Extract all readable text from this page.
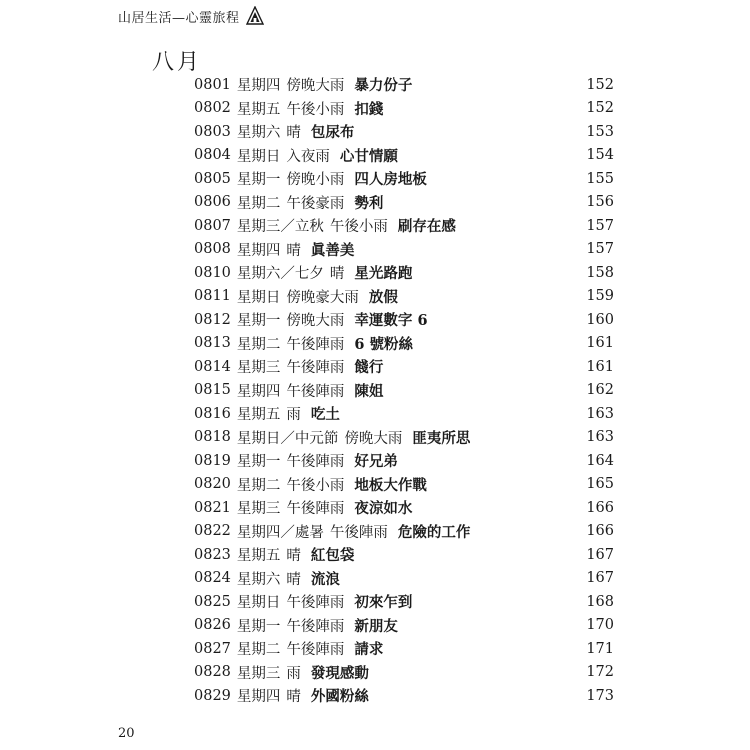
山居生活—心靈旅程
八月
0801 星期四 傍晚大雨 暴力份子	152
0802 星期五 午後小雨 扣錢	152
0803 星期六 晴 包尿布	153
0804 星期日 入夜雨 心甘情願	154
0805 星期一 傍晚小雨 四人房地板	155
0806 星期二 午後豪雨 勢利	156
0807 星期三／立秋 午後小雨 刷存在感	157
0808 星期四 晴 眞善美	157
0810 星期六／七夕 晴 星光路跑	158
0811 星期日 傍晚豪大雨 放假	159
0812 星期一 傍晚大雨 幸運數字 6	160
0813 星期二 午後陣雨 6 號粉絲	161
0814 星期三 午後陣雨 餞行	161
0815 星期四 午後陣雨 陳姐	162
0816 星期五 雨 吃土	163
0818 星期日／中元節 傍晚大雨 匪夷所思	163
0819 星期一 午後陣雨 好兄弟	164
0820 星期二 午後小雨 地板大作戰	165
0821 星期三 午後陣雨 夜涼如水	166
0822 星期四／處暑 午後陣雨 危險的工作	166
0823 星期五 晴 紅包袋	167
0824 星期六 晴 流浪	167
0825 星期日 午後陣雨 初來乍到	168
0826 星期一 午後陣雨 新朋友	170
0827 星期二 午後陣雨 請求	171
0828 星期三 雨 發現感動	172
0829 星期四 晴 外國粉絲	173
20
